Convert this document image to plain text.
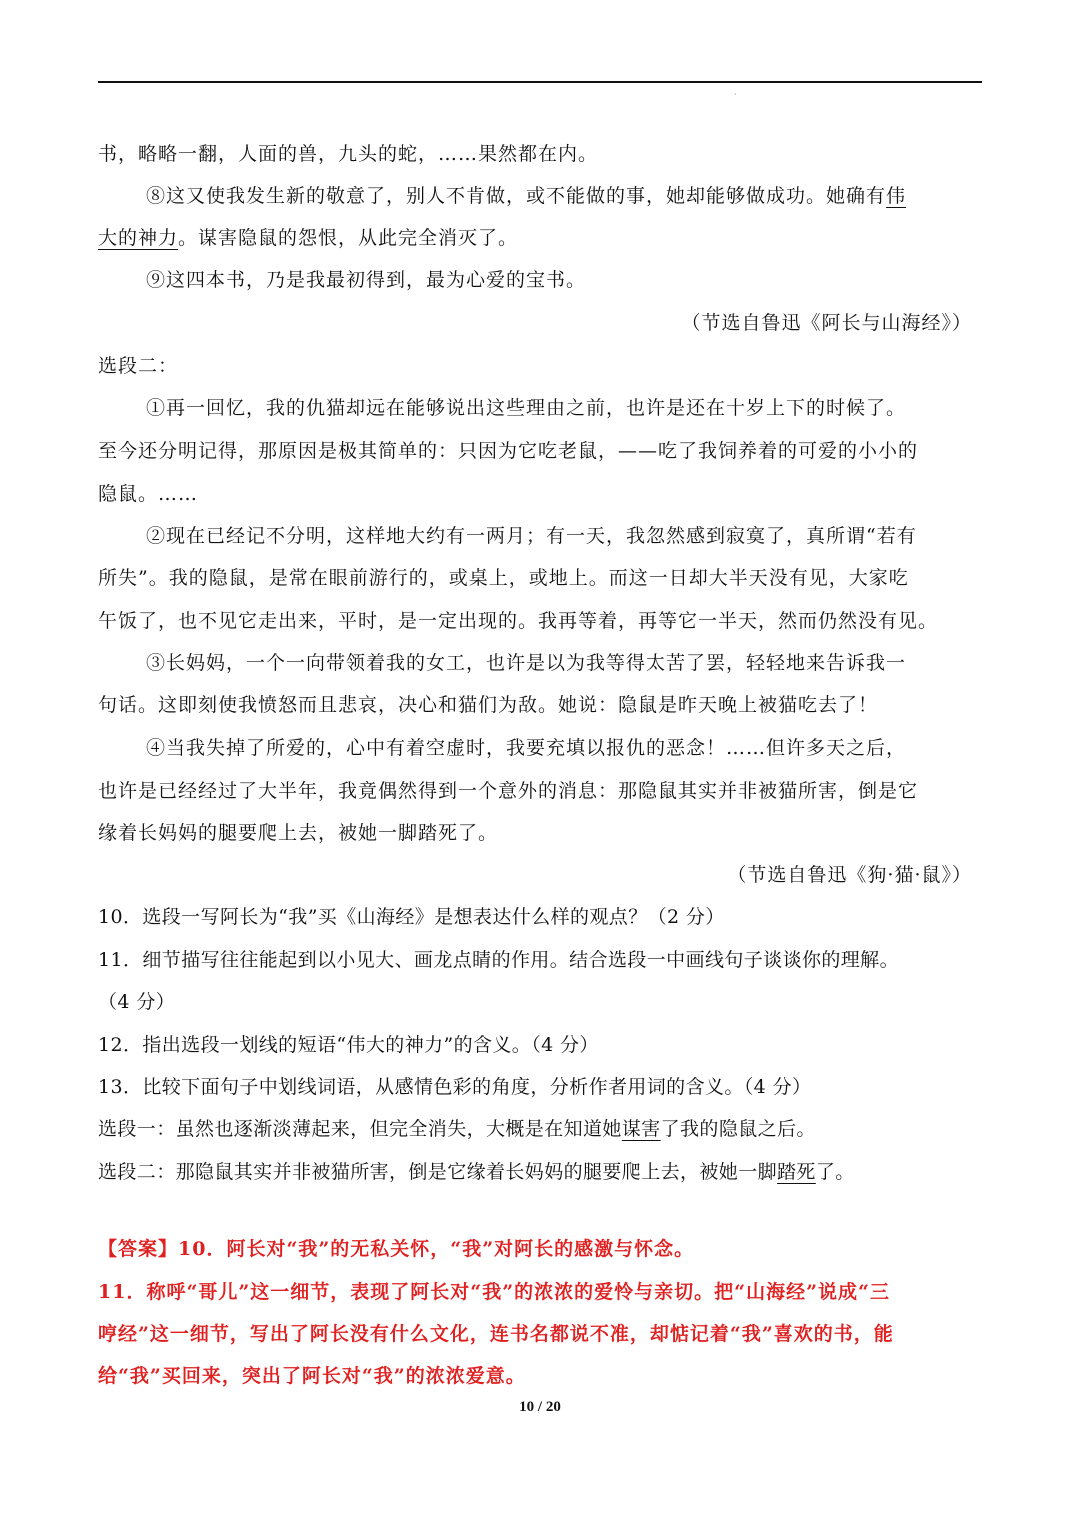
·
书，略略一翻，人面的兽，九头的蛇，……果然都在内。
⑧这又使我发生新的敬意了，别人不肯做，或不能做的事，她却能够做成功。她确有伟
大的神力。谋害隐鼠的怨恨，从此完全消灭了。
⑨这四本书，乃是我最初得到，最为心爱的宝书。
（节选自鲁迅《阿长与山海经》）
选段二：
①再一回忆，我的仇猫却远在能够说出这些理由之前，也许是还在十岁上下的时候了。
至今还分明记得，那原因是极其简单的：只因为它吃老鼠，——吃了我饲养着的可爱的小小的
隐鼠。……
②现在已经记不分明，这样地大约有一两月；有一天，我忽然感到寂寞了，真所谓“若有
所失”。我的隐鼠，是常在眼前游行的，或桌上，或地上。而这一日却大半天没有见，大家吃
午饭了，也不见它走出来，平时，是一定出现的。我再等着，再等它一半天，然而仍然没有见。
③长妈妈，一个一向带领着我的女工，也许是以为我等得太苦了罢，轻轻地来告诉我一
句话。这即刻使我愤怒而且悲哀，决心和猫们为敌。她说：隐鼠是昨天晚上被猫吃去了！
④当我失掉了所爱的，心中有着空虚时，我要充填以报仇的恶念！……但许多天之后，
也许是已经经过了大半年，我竟偶然得到一个意外的消息：那隐鼠其实并非被猫所害，倒是它
缘着长妈妈的腿要爬上去，被她一脚踏死了。
（节选自鲁迅《狗·猫·鼠》）
10．选段一写阿长为“我”买《山海经》是想表达什么样的观点？（2 分）
11．细节描写往往能起到以小见大、画龙点睛的作用。结合选段一中画线句子谈谈你的理解。
（4 分）
12．指出选段一划线的短语“伟大的神力”的含义。（4 分）
13．比较下面句子中划线词语，从感情色彩的角度，分析作者用词的含义。（4 分）
选段一：虽然也逐渐淡薄起来，但完全消失，大概是在知道她谋害了我的隐鼠之后。
选段二：那隐鼠其实并非被猫所害，倒是它缘着长妈妈的腿要爬上去，被她一脚踏死了。
【答案】10．阿长对“我”的无私关怀，“我”对阿长的感激与怀念。
11．称呼“哥儿”这一细节，表现了阿长对“我”的浓浓的爱怜与亲切。把“山海经”说成“三
哼经”这一细节，写出了阿长没有什么文化，连书名都说不准，却惦记着“我”喜欢的书，能
给“我”买回来，突出了阿长对“我”的浓浓爱意。
10 / 20
